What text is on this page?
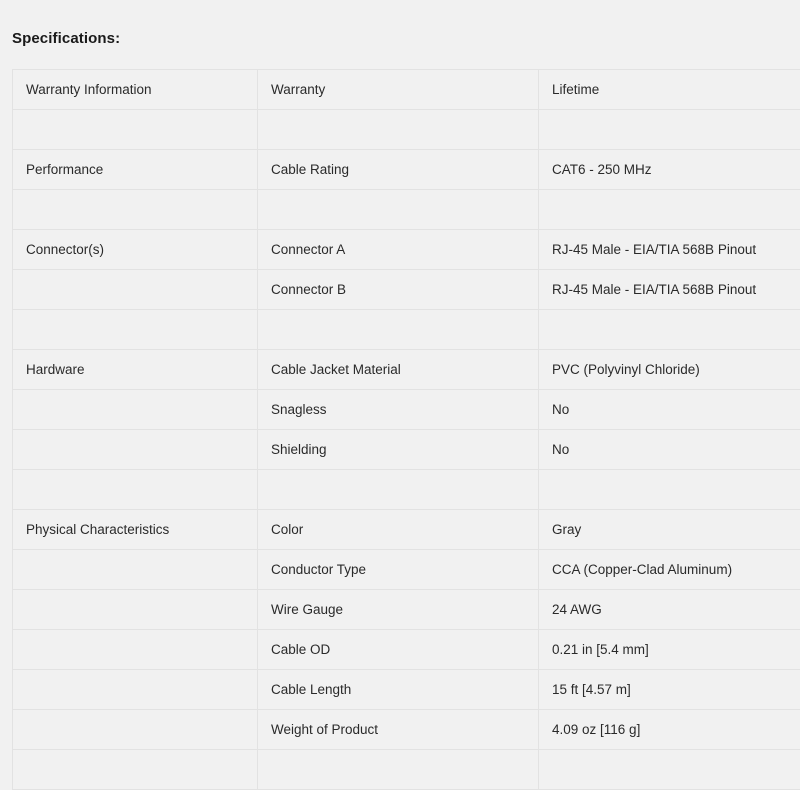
Specifications:
Warranty Information	Warranty	Lifetime

Performance	Cable Rating	CAT6 - 250 MHz

Connector(s)	Connector A	RJ-45 Male - EIA/TIA 568B Pinout
	Connector B	RJ-45 Male - EIA/TIA 568B Pinout

Hardware	Cable Jacket Material	PVC (Polyvinyl Chloride)
	Snagless	No
	Shielding	No

Physical Characteristics	Color	Gray
	Conductor Type	CCA (Copper-Clad Aluminum)
	Wire Gauge	24 AWG
	Cable OD	0.21 in [5.4 mm]
	Cable Length	15 ft [4.57 m]
	Weight of Product	4.09 oz [116 g]
